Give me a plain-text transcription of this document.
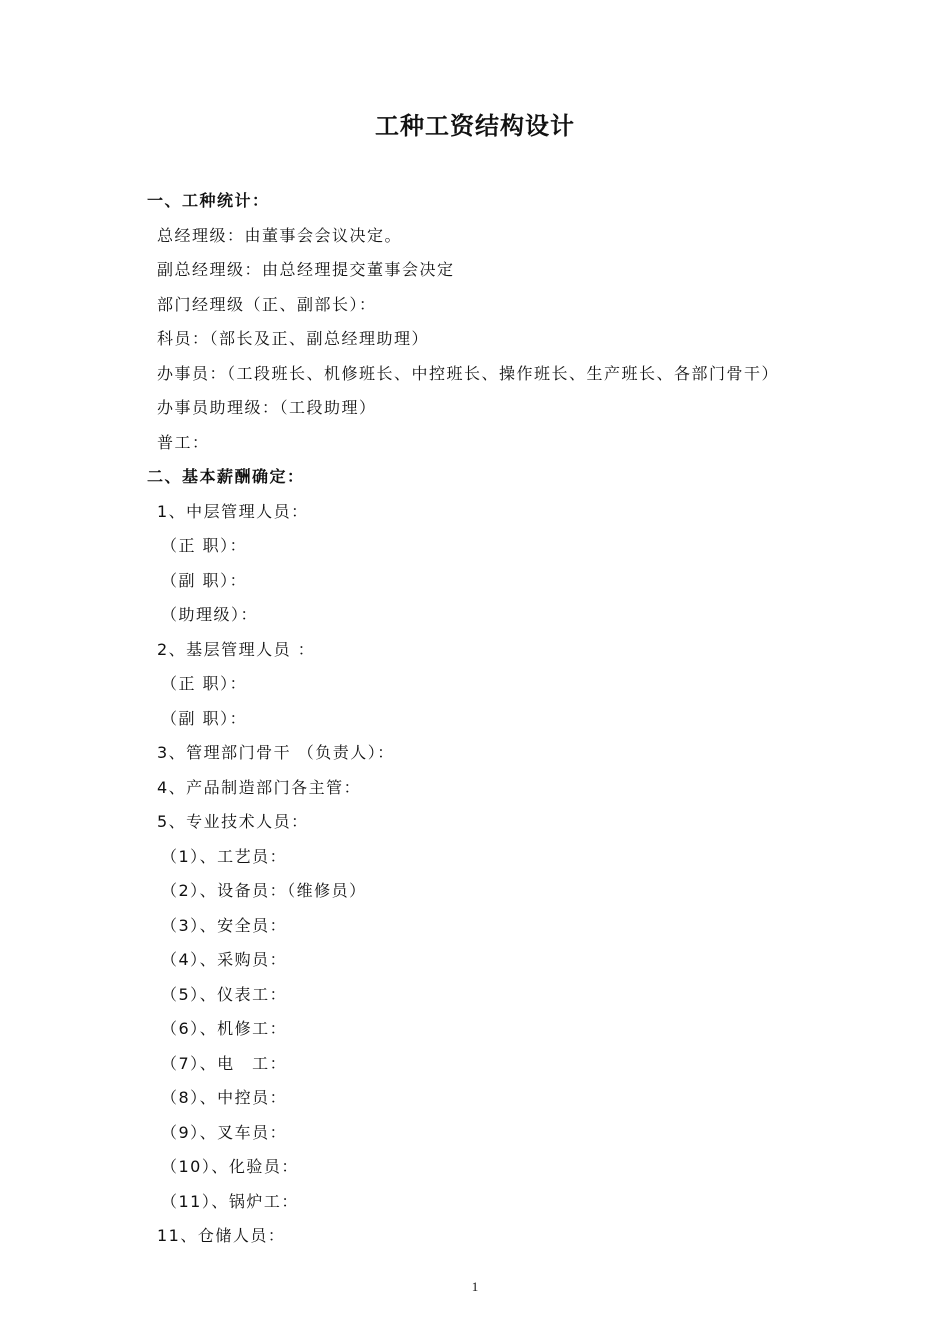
工种工资结构设计
一、工种统计：
总经理级：由董事会会议决定。
副总经理级：由总经理提交董事会决定
部门经理级（正、副部长）：
科员：（部长及正、副总经理助理）
办事员：（工段班长、机修班长、中控班长、操作班长、生产班长、各部门骨干）
办事员助理级：（工段助理）
普工：
二、基本薪酬确定：
1、中层管理人员：
（正 职）：
（副 职）：
（助理级）：
2、基层管理人员 ：
（正 职）：
（副 职）：
3、管理部门骨干 （负责人）：
4、产品制造部门各主管：
5、专业技术人员：
（1）、工艺员：
（2）、设备员：（维修员）
（3）、安全员：
（4）、采购员：
（5）、仪表工：
（6）、机修工：
（7）、电　工：
（8）、中控员：
（9）、叉车员：
（10）、化验员：
（11）、锅炉工：
11、仓储人员：
1
